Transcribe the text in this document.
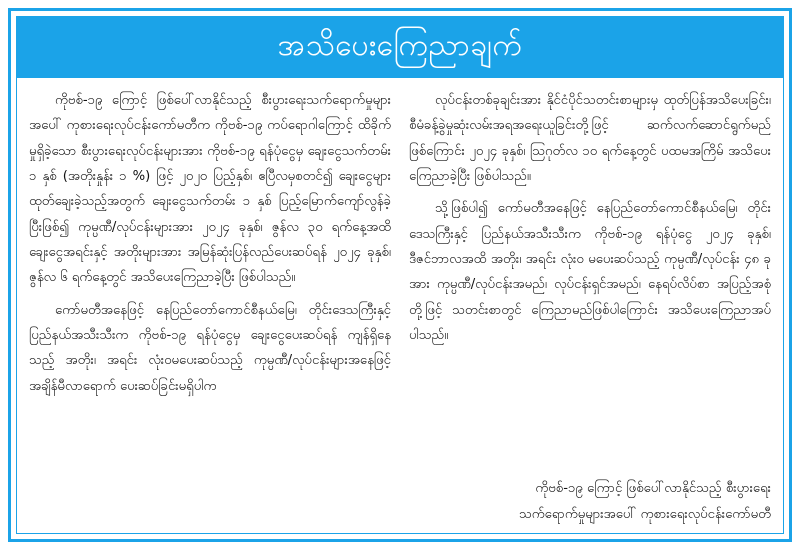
အသိပေးကြေညာချက်

ကိုဗစ်-၁၉ ကြောင့် ဖြစ်ပေါ်လာနိုင်သည့် စီးပွားရေးသက်ရောက်မှုများအပေါ် ကုစားရေးလုပ်ငန်းကော်မတီက ကိုဗစ်-၁၉ ကပ်ရောဂါကြောင့် ထိခိုက်မှုရှိခဲ့သော စီးပွားရေးလုပ်ငန်းများအား ကိုဗစ်-၁၉ ရန်ပုံငွေမှ ချေးငွေသက်တမ်း ၁ နှစ် (အတိုးနှုန်း ၁ %) ဖြင့် ၂၀၂၀ ပြည့်နှစ်၊ ဧပြီလမှစတင်၍ ချေးငွေများ ထုတ်ချေးခဲ့သည့်အတွက် ချေးငွေသက်တမ်း ၁ နှစ် ပြည့်မြောက်ကျော်လွန်ခဲ့ပြီးဖြစ်၍ ကုမ္ပဏီ/လုပ်ငန်းများအား ၂၀၂၄ ခုနှစ်၊ ဇွန်လ ၃၀ ရက်နေ့အထိ ချေးငွေအရင်းနှင့် အတိုးများအား အမြန်ဆုံးပြန်လည်ပေးဆပ်ရန် ၂၀၂၄ ခုနှစ်၊ ဇွန်လ ၆ ရက်နေ့တွင် အသိပေးကြေညာခဲ့ပြီး ဖြစ်ပါသည်။

ကော်မတီအနေဖြင့် နေပြည်တော်ကောင်စီနယ်မြေ၊ တိုင်းဒေသကြီးနှင့် ပြည်နယ်အသီးသီးက ကိုဗစ်-၁၉ ရန်ပုံငွေမှ ချေးငွေပေးဆပ်ရန် ကျန်ရှိနေသည့် အတိုး၊ အရင်း လုံးဝမပေးဆပ်သည့် ကုမ္ပဏီ/လုပ်ငန်းများအနေဖြင့် အချိန်မီလာရောက် ပေးဆပ်ခြင်းမရှိပါက

လုပ်ငန်းတစ်ခုချင်းအား နိုင်ငံပိုင်သတင်းစာများမှ ထုတ်ပြန်အသိပေးခြင်း၊ စီမံခန့်ခွဲမှုဆုံးလမ်းအရအရေးယူခြင်းတို့ဖြင့် ဆက်လက်ဆောင်ရွက်မည်ဖြစ်ကြောင်း ၂၀၂၄ ခုနှစ်၊ ဩဂုတ်လ ၁၀ ရက်နေ့တွင် ပထမအကြိမ် အသိပေးကြေညာခဲ့ပြီး ဖြစ်ပါသည်။

သို့ဖြစ်ပါ၍ ကော်မတီအနေဖြင့် နေပြည်တော်ကောင်စီနယ်မြေ၊ တိုင်းဒေသကြီးနှင့် ပြည်နယ်အသီးသီးက ကိုဗစ်-၁၉ ရန်ပုံငွေ ၂၀၂၄ ခုနှစ်၊ ဒီဇင်ဘာလအထိ အတိုး၊ အရင်း လုံးဝ မပေးဆပ်သည့် ကုမ္ပဏီ/လုပ်ငန်း ၄၈ ခုအား ကုမ္ပဏီ/လုပ်ငန်းအမည်၊ လုပ်ငန်းရှင်အမည်၊ နေရပ်လိပ်စာ အပြည့်အစုံတို့ဖြင့် သတင်းစာတွင် ကြေညာမည်ဖြစ်ပါကြောင်း အသိပေးကြေညာအပ်ပါသည်။

ကိုဗစ်-၁၉ ကြောင့် ဖြစ်ပေါ်လာနိုင်သည့် စီးပွားရေး
သက်ရောက်မှုများအပေါ် ကုစားရေးလုပ်ငန်းကော်မတီ
